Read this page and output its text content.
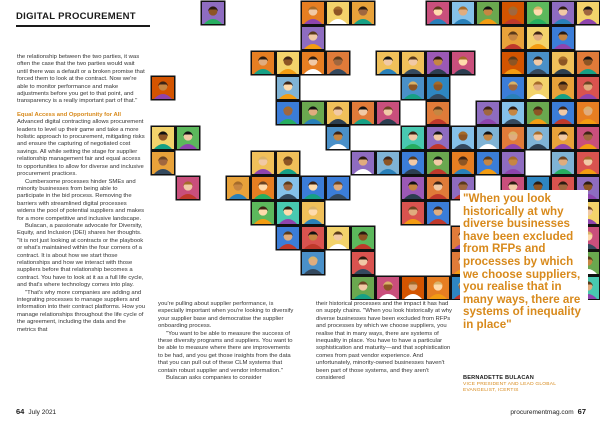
DIGITAL PROCUREMENT

the relationship between the two parties, it was often the case that the two parties would wait until there was a default or a broken promise that forced them to look at the contract. Now we're able to monitor performance and make adjustments before you get to that point, and transparency is a really important part of that."

Equal Access and Opportunity for All

Advanced digital contracting allows procurement leaders to level up their game and take a more holistic approach to procurement, mitigating risks and ensure the capturing of negotiated cost savings. All while setting the stage for supplier relationship management fair and equal access to opportunities to allow for diverse and inclusive procurement practices.

Cumbersome processes hinder SMEs and minority businesses from being able to participate in the bid process. Removing the barriers with streamlined digital processes widens the pool of potential suppliers and makes for a more competitive and inclusive landscape.

Bulacan, a passionate advocate for Diversity, Equity, and Inclusion (DEI) shares her thoughts. "It is not just looking at contracts or the playbook or what's maintained within the four corners of a contract. It is about how we start those relationships and how we interact with those suppliers before that relationship becomes a contract. You have to look at it as a full life cycle, and that's where technology comes into play.

"That's why more companies are adding and integrating processes to manage suppliers and information into their contract platforms. How you manage relationships throughout the life cycle of the agreement, including the data and the metrics that

you're pulling about supplier performance, is especially important when you're looking to diversify your supplier base and democratise the supplier onboarding process.

"You want to be able to measure the success of these diversity programs and suppliers. You want to be able to measure where there are improvements to be had, and you get those insights from the data that you can pull out of these CLM systems that contain robust supplier and vendor information."

Bulacan asks companies to consider

their historical processes and the impact it has had on supply chains. "When you look historically at why diverse businesses have been excluded from RFPs and processes by which we choose suppliers, you realise that in many ways, there are systems of inequality in place. You have to have a particular sophistication and maturity—and that sophistication comes from past vendor experience. And unfortunately, minority-owned businesses haven't been part of those systems, and they aren't considered

"When you look historically at why diverse businesses have been excluded from RFPs and processes by which we choose suppliers, you realise that in many ways, there are systems of inequality in place"
BERNADETTE BULACAN
VICE PRESIDENT AND LEAD GLOBAL EVANGELIST, ICERTIS
64 July 2021	procurementmag.com 67
